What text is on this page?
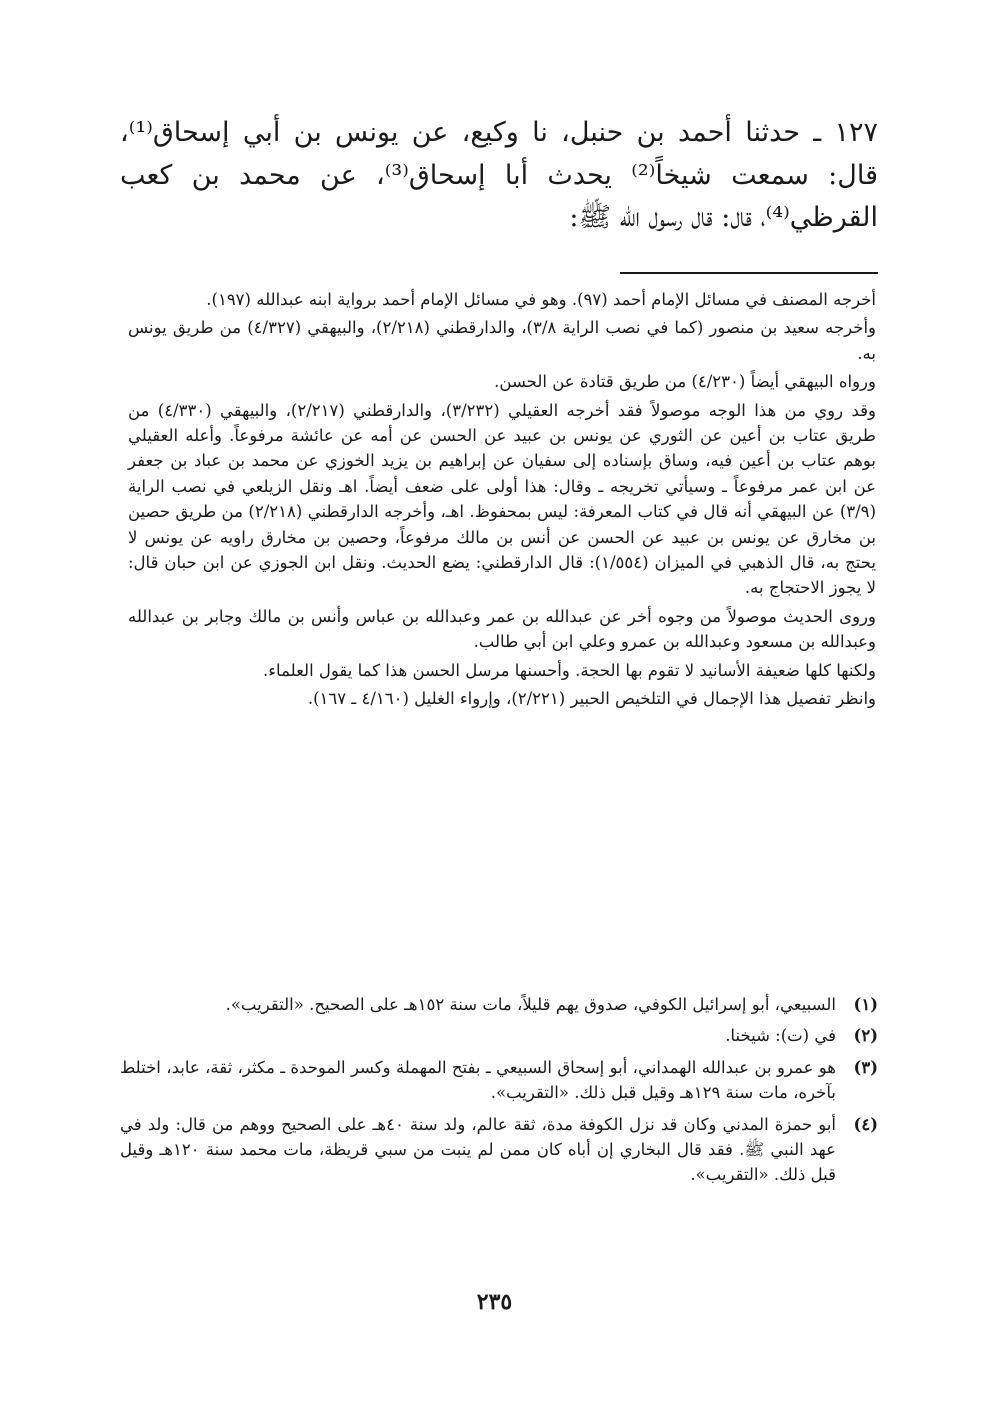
١٢٧ ـ حدثنا أحمد بن حنبل، نا وكيع، عن يونس بن أبي إسحاق⁽¹⁾، قال: سمعت شيخاً⁽²⁾ يحدث أبا إسحاق⁽³⁾، عن محمد بن كعب القرظي⁽⁴⁾، قال: قال رسول الله ﷺ:

أخرجه المصنف في مسائل الإمام أحمد (٩٧). وهو في مسائل الإمام أحمد برواية ابنه عبدالله (١٩٧).

وأخرجه سعيد بن منصور (كما في نصب الراية ٣/٨)، والدارقطني (٢/٢١٨)، والبيهقي (٤/٣٢٧) من طريق يونس به.

ورواه البيهقي أيضاً (٤/٢٣٠) من طريق قتادة عن الحسن.

وقد روي من هذا الوجه موصولاً فقد أخرجه العقيلي (٣/٢٣٢)، والدارقطني (٢/٢١٧)، والبيهقي (٤/٣٣٠) من طريق عتاب بن أعين عن الثوري عن يونس بن عبيد عن الحسن عن أمه عن عائشة مرفوعاً. وأعله العقيلي بوهم عتاب بن أعين فيه، وساق بإسناده إلى سفيان عن إبراهيم بن يزيد الخوزي عن محمد بن عباد بن جعفر عن ابن عمر مرفوعاً ـ وسيأتي تخريجه ـ وقال: هذا أولى على ضعف أيضاً. اهـ ونقل الزيلعي في نصب الراية (٣/٩) عن البيهقي أنه قال في كتاب المعرفة: ليس بمحفوظ. اهـ، وأخرجه الدارقطني (٢/٢١٨) من طريق حصين بن مخارق عن يونس بن عبيد عن الحسن عن أنس بن مالك مرفوعاً، وحصين بن مخارق راويه عن يونس لا يحتج به، قال الذهبي في الميزان (١/٥٥٤): قال الدارقطني: يضع الحديث. ونقل ابن الجوزي عن ابن حبان قال: لا يجوز الاحتجاج به.

وروى الحديث موصولاً من وجوه أخر عن عبدالله بن عمر وعبدالله بن عباس وأنس بن مالك وجابر بن عبدالله وعبدالله بن مسعود وعبدالله بن عمرو وعلي ابن أبي طالب.

ولكنها كلها ضعيفة الأسانيد لا تقوم بها الحجة. وأحسنها مرسل الحسن هذا كما يقول العلماء.

وانظر تفصيل هذا الإجمال في التلخيص الحبير (٢/٢٢١)، وإرواء الغليل (٤/١٦٠ ـ ١٦٧).

(١)
السبيعي، أبو إسرائيل الكوفي، صدوق يهم قليلاً، مات سنة ١٥٢هـ على الصحيح. «التقريب».
(٢)
في (ت): شيخنا.
(٣)
هو عمرو بن عبدالله الهمداني، أبو إسحاق السبيعي ـ بفتح المهملة وكسر الموحدة ـ مكثر، ثقة، عابد، اختلط بآخره، مات سنة ١٢٩هـ وقيل قبل ذلك. «التقريب».
(٤)
أبو حمزة المدني وكان قد نزل الكوفة مدة، ثقة عالم، ولد سنة ٤٠هـ على الصحيح ووهم من قال: ولد في عهد النبي ﷺ. فقد قال البخاري إن أباه كان ممن لم ينبت من سبي قريظة، مات محمد سنة ١٢٠هـ وقيل قبل ذلك. «التقريب».
٢٣٥
